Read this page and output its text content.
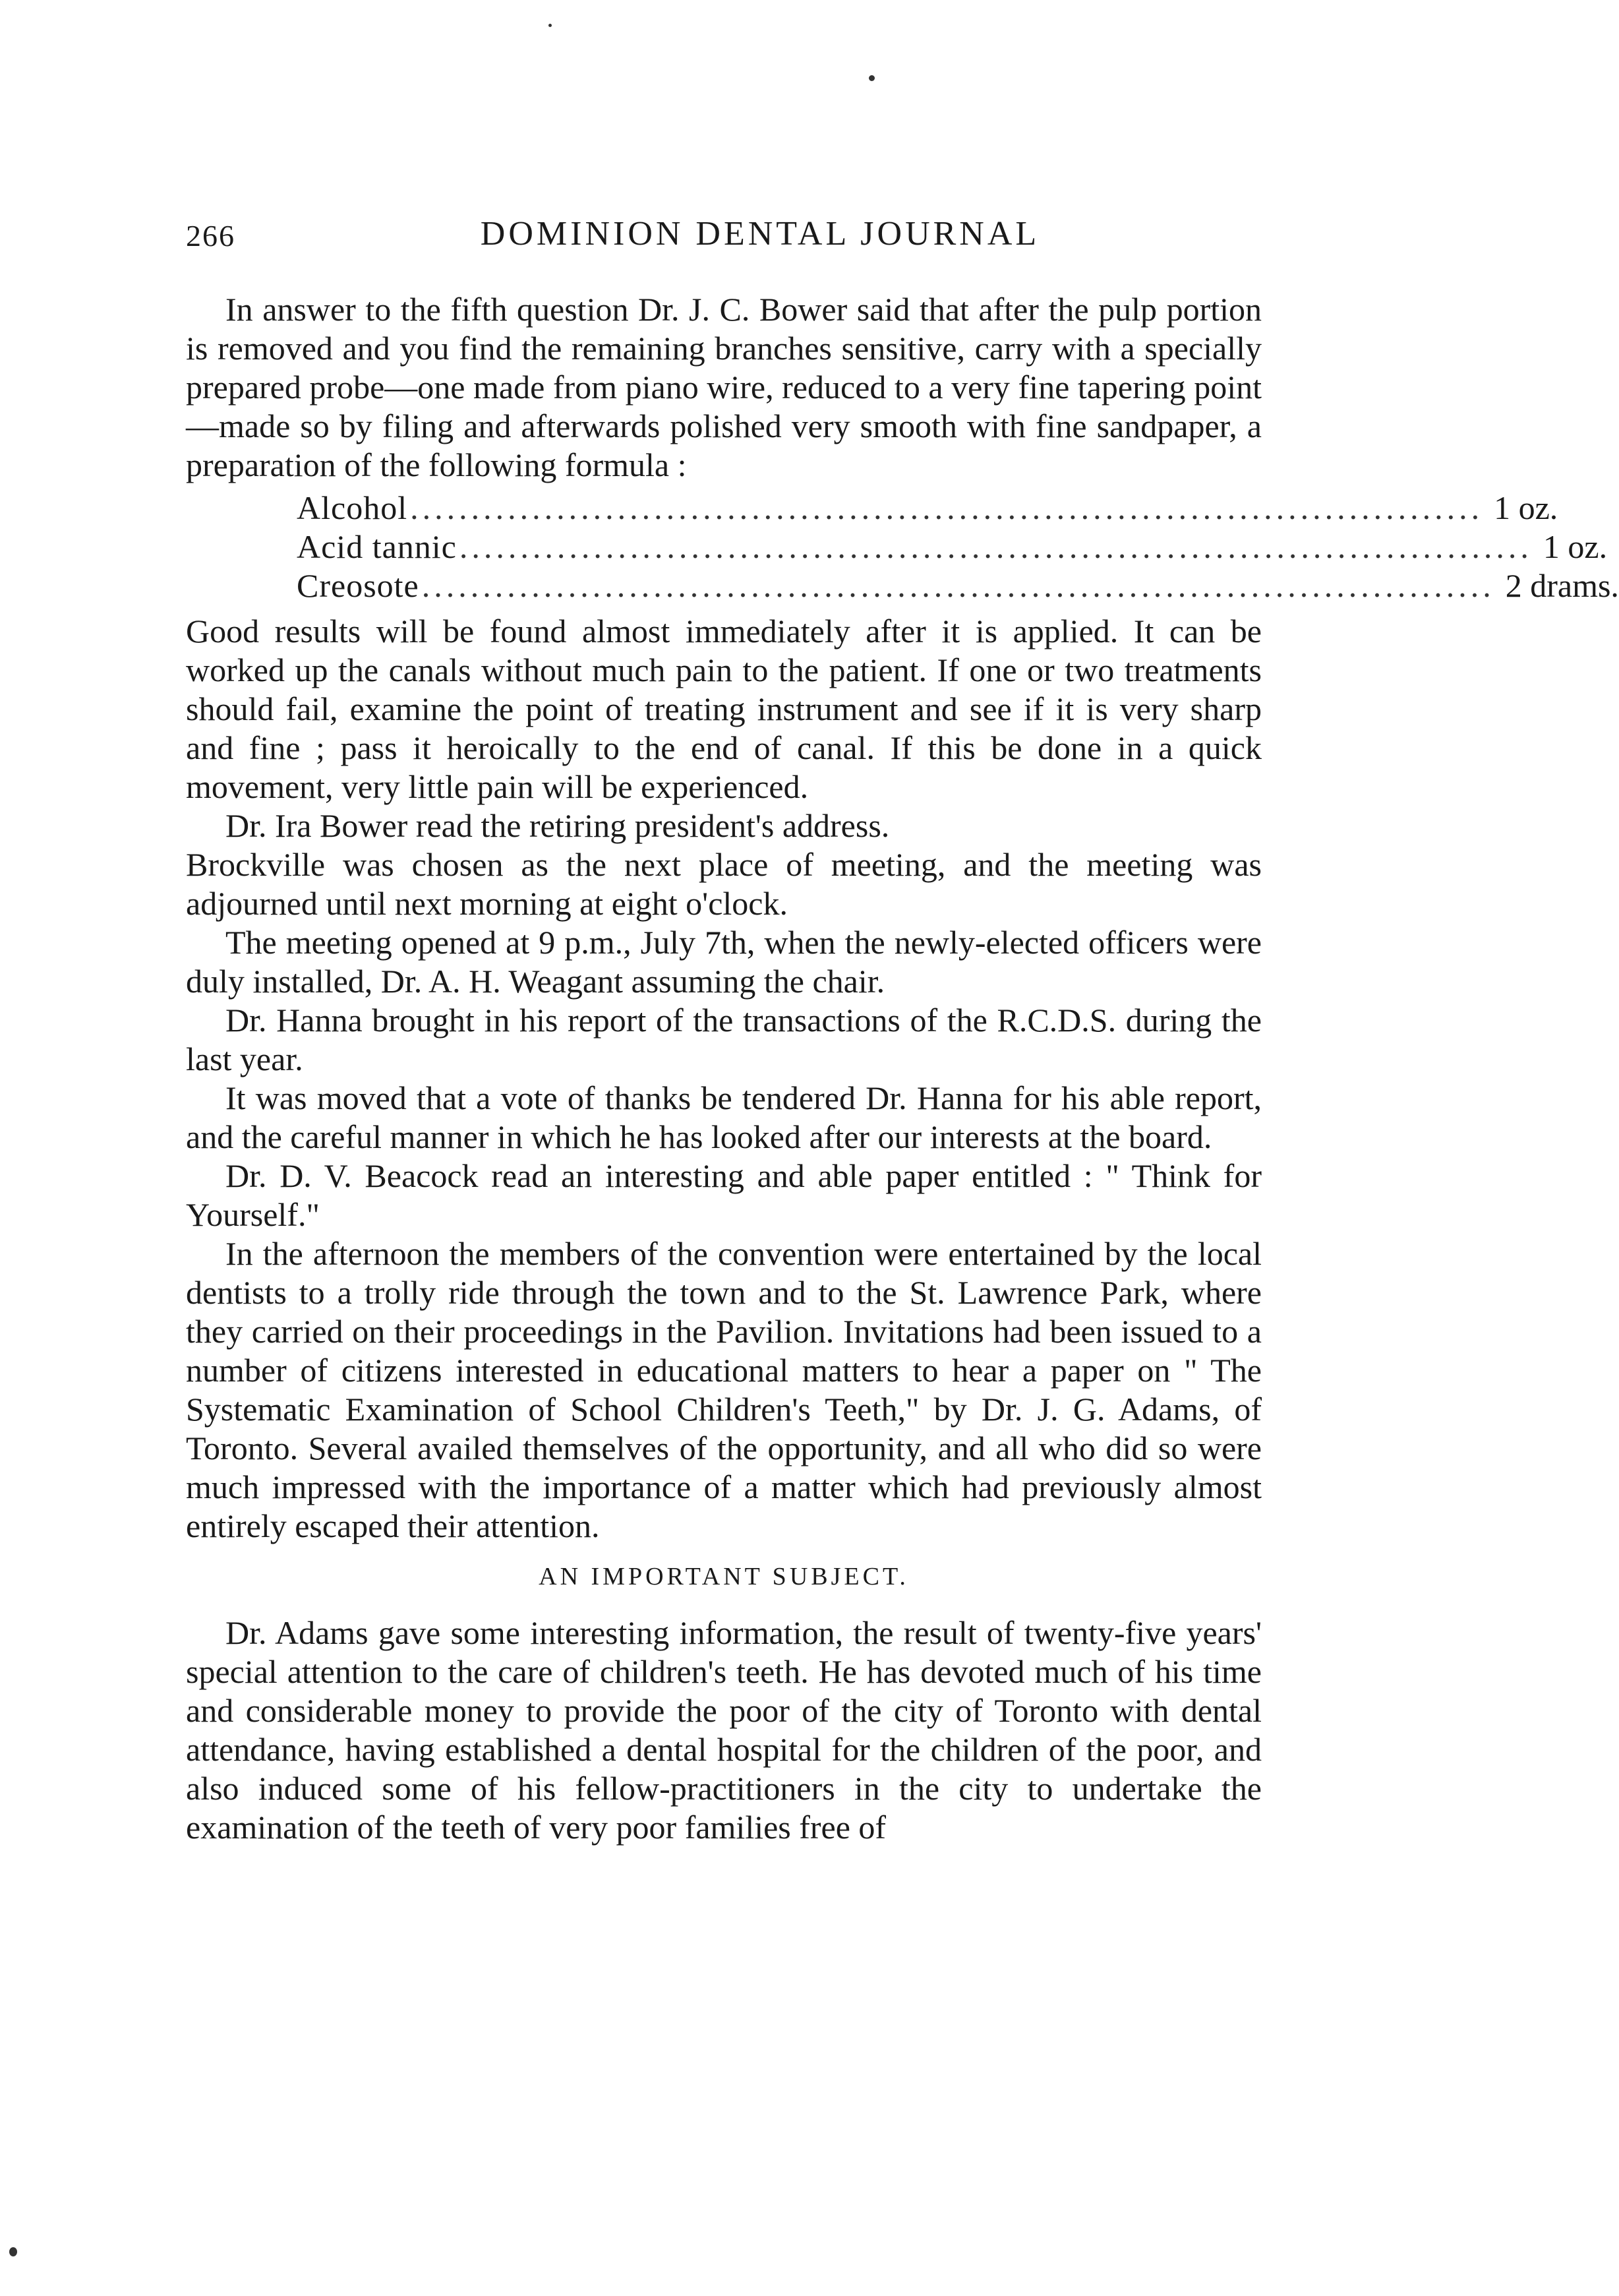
266	DOMINION DENTAL JOURNAL

In answer to the fifth question Dr. J. C. Bower said that after the pulp portion is removed and you find the remaining branches sensitive, carry with a specially prepared probe—one made from piano wire, reduced to a very fine tapering point—made so by filing and afterwards polished very smooth with fine sandpaper, a preparation of the following formula :

Alcohol ........................................................................................ 1 oz.
Acid tannic ........................................................................................ 1 oz.
Creosote ........................................................................................ 2 drams.

Good results will be found almost immediately after it is applied. It can be worked up the canals without much pain to the patient. If one or two treatments should fail, examine the point of treating instrument and see if it is very sharp and fine ; pass it heroically to the end of canal. If this be done in a quick movement, very little pain will be experienced.

Dr. Ira Bower read the retiring president's address.

Brockville was chosen as the next place of meeting, and the meeting was adjourned until next morning at eight o'clock.

The meeting opened at 9 p.m., July 7th, when the newly-elected officers were duly installed, Dr. A. H. Weagant assuming the chair.

Dr. Hanna brought in his report of the transactions of the R.C.D.S. during the last year.

It was moved that a vote of thanks be tendered Dr. Hanna for his able report, and the careful manner in which he has looked after our interests at the board.

Dr. D. V. Beacock read an interesting and able paper entitled : " Think for Yourself."

In the afternoon the members of the convention were entertained by the local dentists to a trolly ride through the town and to the St. Lawrence Park, where they carried on their proceedings in the Pavilion. Invitations had been issued to a number of citizens interested in educational matters to hear a paper on " The Systematic Examination of School Children's Teeth," by Dr. J. G. Adams, of Toronto. Several availed themselves of the opportunity, and all who did so were much impressed with the importance of a matter which had previously almost entirely escaped their attention.

AN IMPORTANT SUBJECT.

Dr. Adams gave some interesting information, the result of twenty-five years' special attention to the care of children's teeth. He has devoted much of his time and considerable money to provide the poor of the city of Toronto with dental attendance, having established a dental hospital for the children of the poor, and also induced some of his fellow-practitioners in the city to undertake the examination of the teeth of very poor families free of
